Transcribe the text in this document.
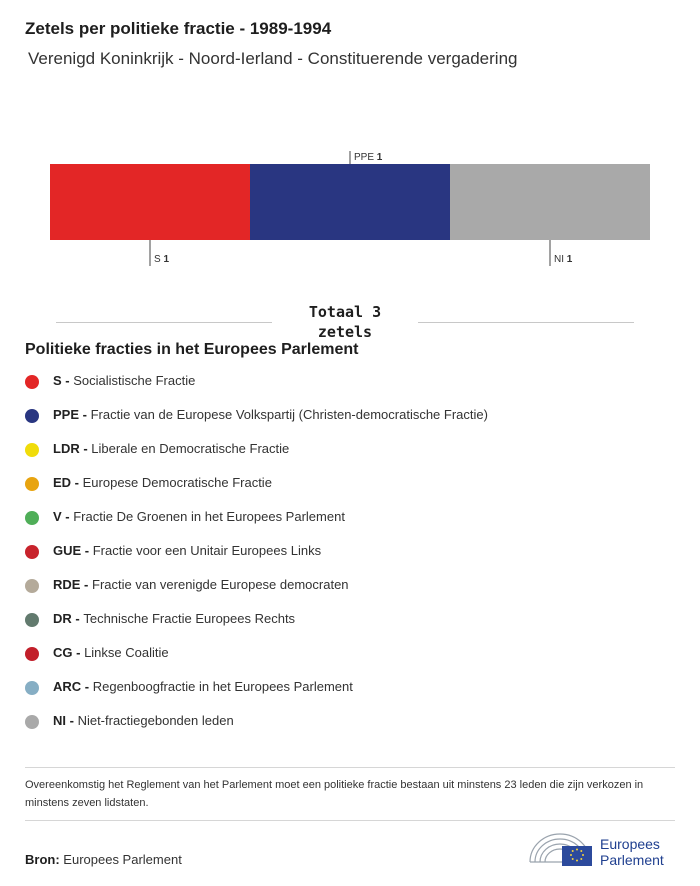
Zetels per politieke fractie - 1989-1994
Verenigd Koninkrijk - Noord-Ierland - Constituerende vergadering
S 1
PPE 1
NI 1
Totaal 3
zetels
Politieke fracties in het Europees Parlement
S - Socialistische Fractie
PPE - Fractie van de Europese Volkspartij (Christen-democratische Fractie)
LDR - Liberale en Democratische Fractie
ED - Europese Democratische Fractie
V - Fractie De Groenen in het Europees Parlement
GUE - Fractie voor een Unitair Europees Links
RDE - Fractie van verenigde Europese democraten
DR - Technische Fractie Europees Rechts
CG - Linkse Coalitie
ARC - Regenboogfractie in het Europees Parlement
NI - Niet-fractiegebonden leden
Overeenkomstig het Reglement van het Parlement moet een politieke fractie bestaan uit minstens 23 leden die zijn verkozen in minstens zeven lidstaten.
Bron: Europees Parlement
Europees
Parlement
